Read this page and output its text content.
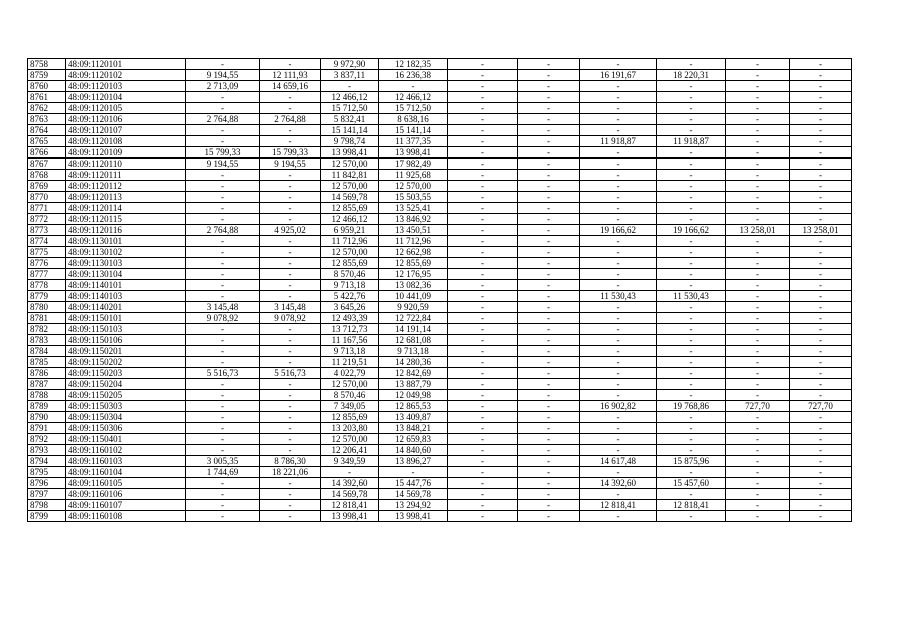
8758	48:09:1120101	-	-	9 972,90	12 182,35	-	-	-	-	-	-
8759	48:09:1120102	9 194,55	12 111,93	3 837,11	16 236,38	-	-	16 191,67	18 220,31	-	-
8760	48:09:1120103	2 713,09	14 659,16	-	-	-	-	-	-	-	-
8761	48:09:1120104	-	-	12 466,12	12 466,12	-	-	-	-	-	-
8762	48:09:1120105	-	-	15 712,50	15 712,50	-	-	-	-	-	-
8763	48:09:1120106	2 764,88	2 764,88	5 832,41	8 638,16	-	-	-	-	-	-
8764	48:09:1120107	-	-	15 141,14	15 141,14	-	-	-	-	-	-
8765	48:09:1120108	-	-	9 798,74	11 377,35	-	-	11 918,87	11 918,87	-	-
8766	48:09:1120109	15 799,33	15 799,33	13 998,41	13 998,41	-	-	-	-	-	-
8767	48:09:1120110	9 194,55	9 194,55	12 570,00	17 982,49	-	-	-	-	-	-
8768	48:09:1120111	-	-	11 842,81	11 925,68	-	-	-	-	-	-
8769	48:09:1120112	-	-	12 570,00	12 570,00	-	-	-	-	-	-
8770	48:09:1120113	-	-	14 569,78	15 503,55	-	-	-	-	-	-
8771	48:09:1120114	-	-	12 855,69	13 525,41	-	-	-	-	-	-
8772	48:09:1120115	-	-	12 466,12	13 846,92	-	-	-	-	-	-
8773	48:09:1120116	2 764,88	4 925,02	6 959,21	13 450,51	-	-	19 166,62	19 166,62	13 258,01	13 258,01
8774	48:09:1130101	-	-	11 712,96	11 712,96	-	-	-	-	-	-
8775	48:09:1130102	-	-	12 570,00	12 662,98	-	-	-	-	-	-
8776	48:09:1130103	-	-	12 855,69	12 855,69	-	-	-	-	-	-
8777	48:09:1130104	-	-	8 570,46	12 176,95	-	-	-	-	-	-
8778	48:09:1140101	-	-	9 713,18	13 082,36	-	-	-	-	-	-
8779	48:09:1140103	-	-	5 422,76	10 441,09	-	-	11 530,43	11 530,43	-	-
8780	48:09:1140201	3 145,48	3 145,48	3 645,26	9 920,59	-	-	-	-	-	-
8781	48:09:1150101	9 078,92	9 078,92	12 493,39	12 722,84	-	-	-	-	-	-
8782	48:09:1150103	-	-	13 712,73	14 191,14	-	-	-	-	-	-
8783	48:09:1150106	-	-	11 167,56	12 681,08	-	-	-	-	-	-
8784	48:09:1150201	-	-	9 713,18	9 713,18	-	-	-	-	-	-
8785	48:09:1150202	-	-	11 219,51	14 280,36	-	-	-	-	-	-
8786	48:09:1150203	5 516,73	5 516,73	4 022,79	12 842,69	-	-	-	-	-	-
8787	48:09:1150204	-	-	12 570,00	13 887,79	-	-	-	-	-	-
8788	48:09:1150205	-	-	8 570,46	12 049,98	-	-	-	-	-	-
8789	48:09:1150303	-	-	7 349,05	12 865,53	-	-	16 902,82	19 768,86	727,70	727,70
8790	48:09:1150304	-	-	12 855,69	13 409,87	-	-	-	-	-	-
8791	48:09:1150306	-	-	13 203,80	13 848,21	-	-	-	-	-	-
8792	48:09:1150401	-	-	12 570,00	12 659,83	-	-	-	-	-	-
8793	48:09:1160102	-	-	12 206,41	14 840,60	-	-	-	-	-	-
8794	48:09:1160103	3 005,35	8 786,30	9 349,59	13 896,27	-	-	14 617,48	15 875,96	-	-
8795	48:09:1160104	1 744,69	18 221,06	-	-	-	-	-	-	-	-
8796	48:09:1160105	-	-	14 392,60	15 447,76	-	-	14 392,60	15 457,60	-	-
8797	48:09:1160106	-	-	14 569,78	14 569,78	-	-	-	-	-	-
8798	48:09:1160107	-	-	12 818,41	13 294,92	-	-	12 818,41	12 818,41	-	-
8799	48:09:1160108	-	-	13 998,41	13 998,41	-	-	-	-	-	-
